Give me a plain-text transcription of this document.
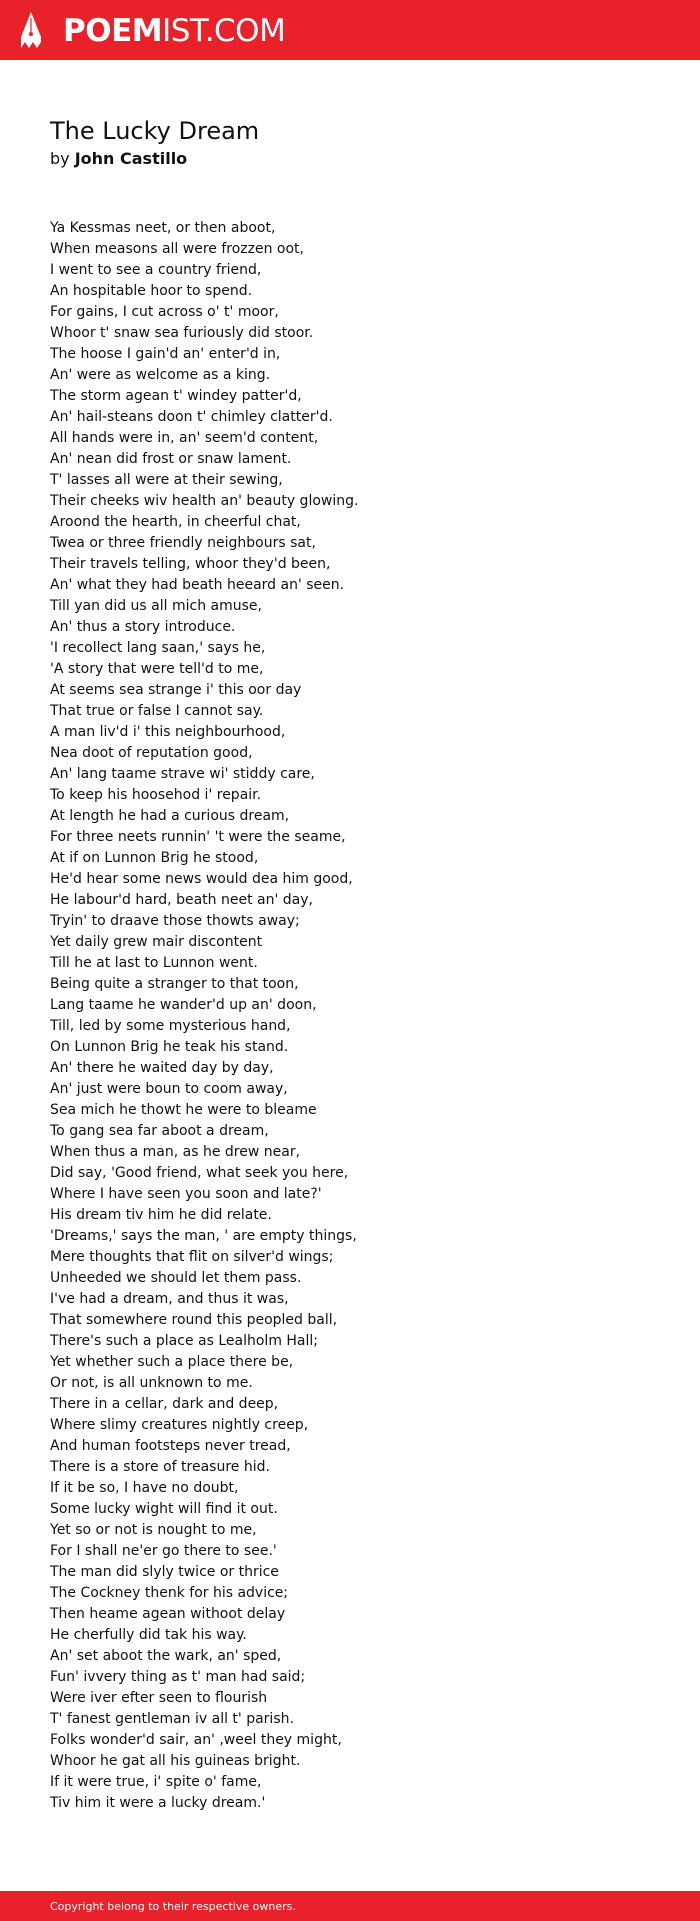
POEMIST.COM
The Lucky Dream
by John Castillo
Ya Kessmas neet, or then aboot,
When measons all were frozzen oot,
I went to see a country friend,
An hospitable hoor to spend.
For gains, I cut across o' t' moor,
Whoor t' snaw sea furiously did stoor.
The hoose I gain'd an' enter'd in,
An' were as welcome as a king.
The storm agean t' windey patter'd,
An' hail-steans doon t' chimley clatter'd.
All hands were in, an' seem'd content,
An' nean did frost or snaw lament.
T' lasses all were at their sewing,
Their cheeks wiv health an' beauty glowing.
Aroond the hearth, in cheerful chat,
Twea or three friendly neighbours sat,
Their travels telling, whoor they'd been,
An' what they had beath heeard an' seen.
Till yan did us all mich amuse,
An' thus a story introduce.
'I recollect lang saan,' says he,
'A story that were tell'd to me,
At seems sea strange i' this oor day
That true or false I cannot say.
A man liv'd i' this neighbourhood,
Nea doot of reputation good,
An' lang taame strave wi' stiddy care,
To keep his hoosehod i' repair.
At length he had a curious dream,
For three neets runnin' 't were the seame,
At if on Lunnon Brig he stood,
He'd hear some news would dea him good,
He labour'd hard, beath neet an' day,
Tryin' to draave those thowts away;
Yet daily grew mair discontent
Till he at last to Lunnon went.
Being quite a stranger to that toon,
Lang taame he wander'd up an' doon,
Till, led by some mysterious hand,
On Lunnon Brig he teak his stand.
An' there he waited day by day,
An' just were boun to coom away,
Sea mich he thowt he were to bleame
To gang sea far aboot a dream,
When thus a man, as he drew near,
Did say, 'Good friend, what seek you here,
Where I have seen you soon and late?'
His dream tiv him he did relate.
'Dreams,' says the man, ' are empty things,
Mere thoughts that flit on silver'd wings;
Unheeded we should let them pass.
I've had a dream, and thus it was,
That somewhere round this peopled ball,
There's such a place as Lealholm Hall;
Yet whether such a place there be,
Or not, is all unknown to me.
There in a cellar, dark and deep,
Where slimy creatures nightly creep,
And human footsteps never tread,
There is a store of treasure hid.
If it be so, I have no doubt,
Some lucky wight will find it out.
Yet so or not is nought to me,
For I shall ne'er go there to see.'
The man did slyly twice or thrice
The Cockney thenk for his advice;
Then heame agean withoot delay
He cherfully did tak his way.
An' set aboot the wark, an' sped,
Fun' ivvery thing as t' man had said;
Were iver efter seen to flourish
T' fanest gentleman iv all t' parish.
Folks wonder'd sair, an' ,weel they might,
Whoor he gat all his guineas bright.
If it were true, i' spite o' fame,
Tiv him it were a lucky dream.'
Copyright belong to their respective owners.
